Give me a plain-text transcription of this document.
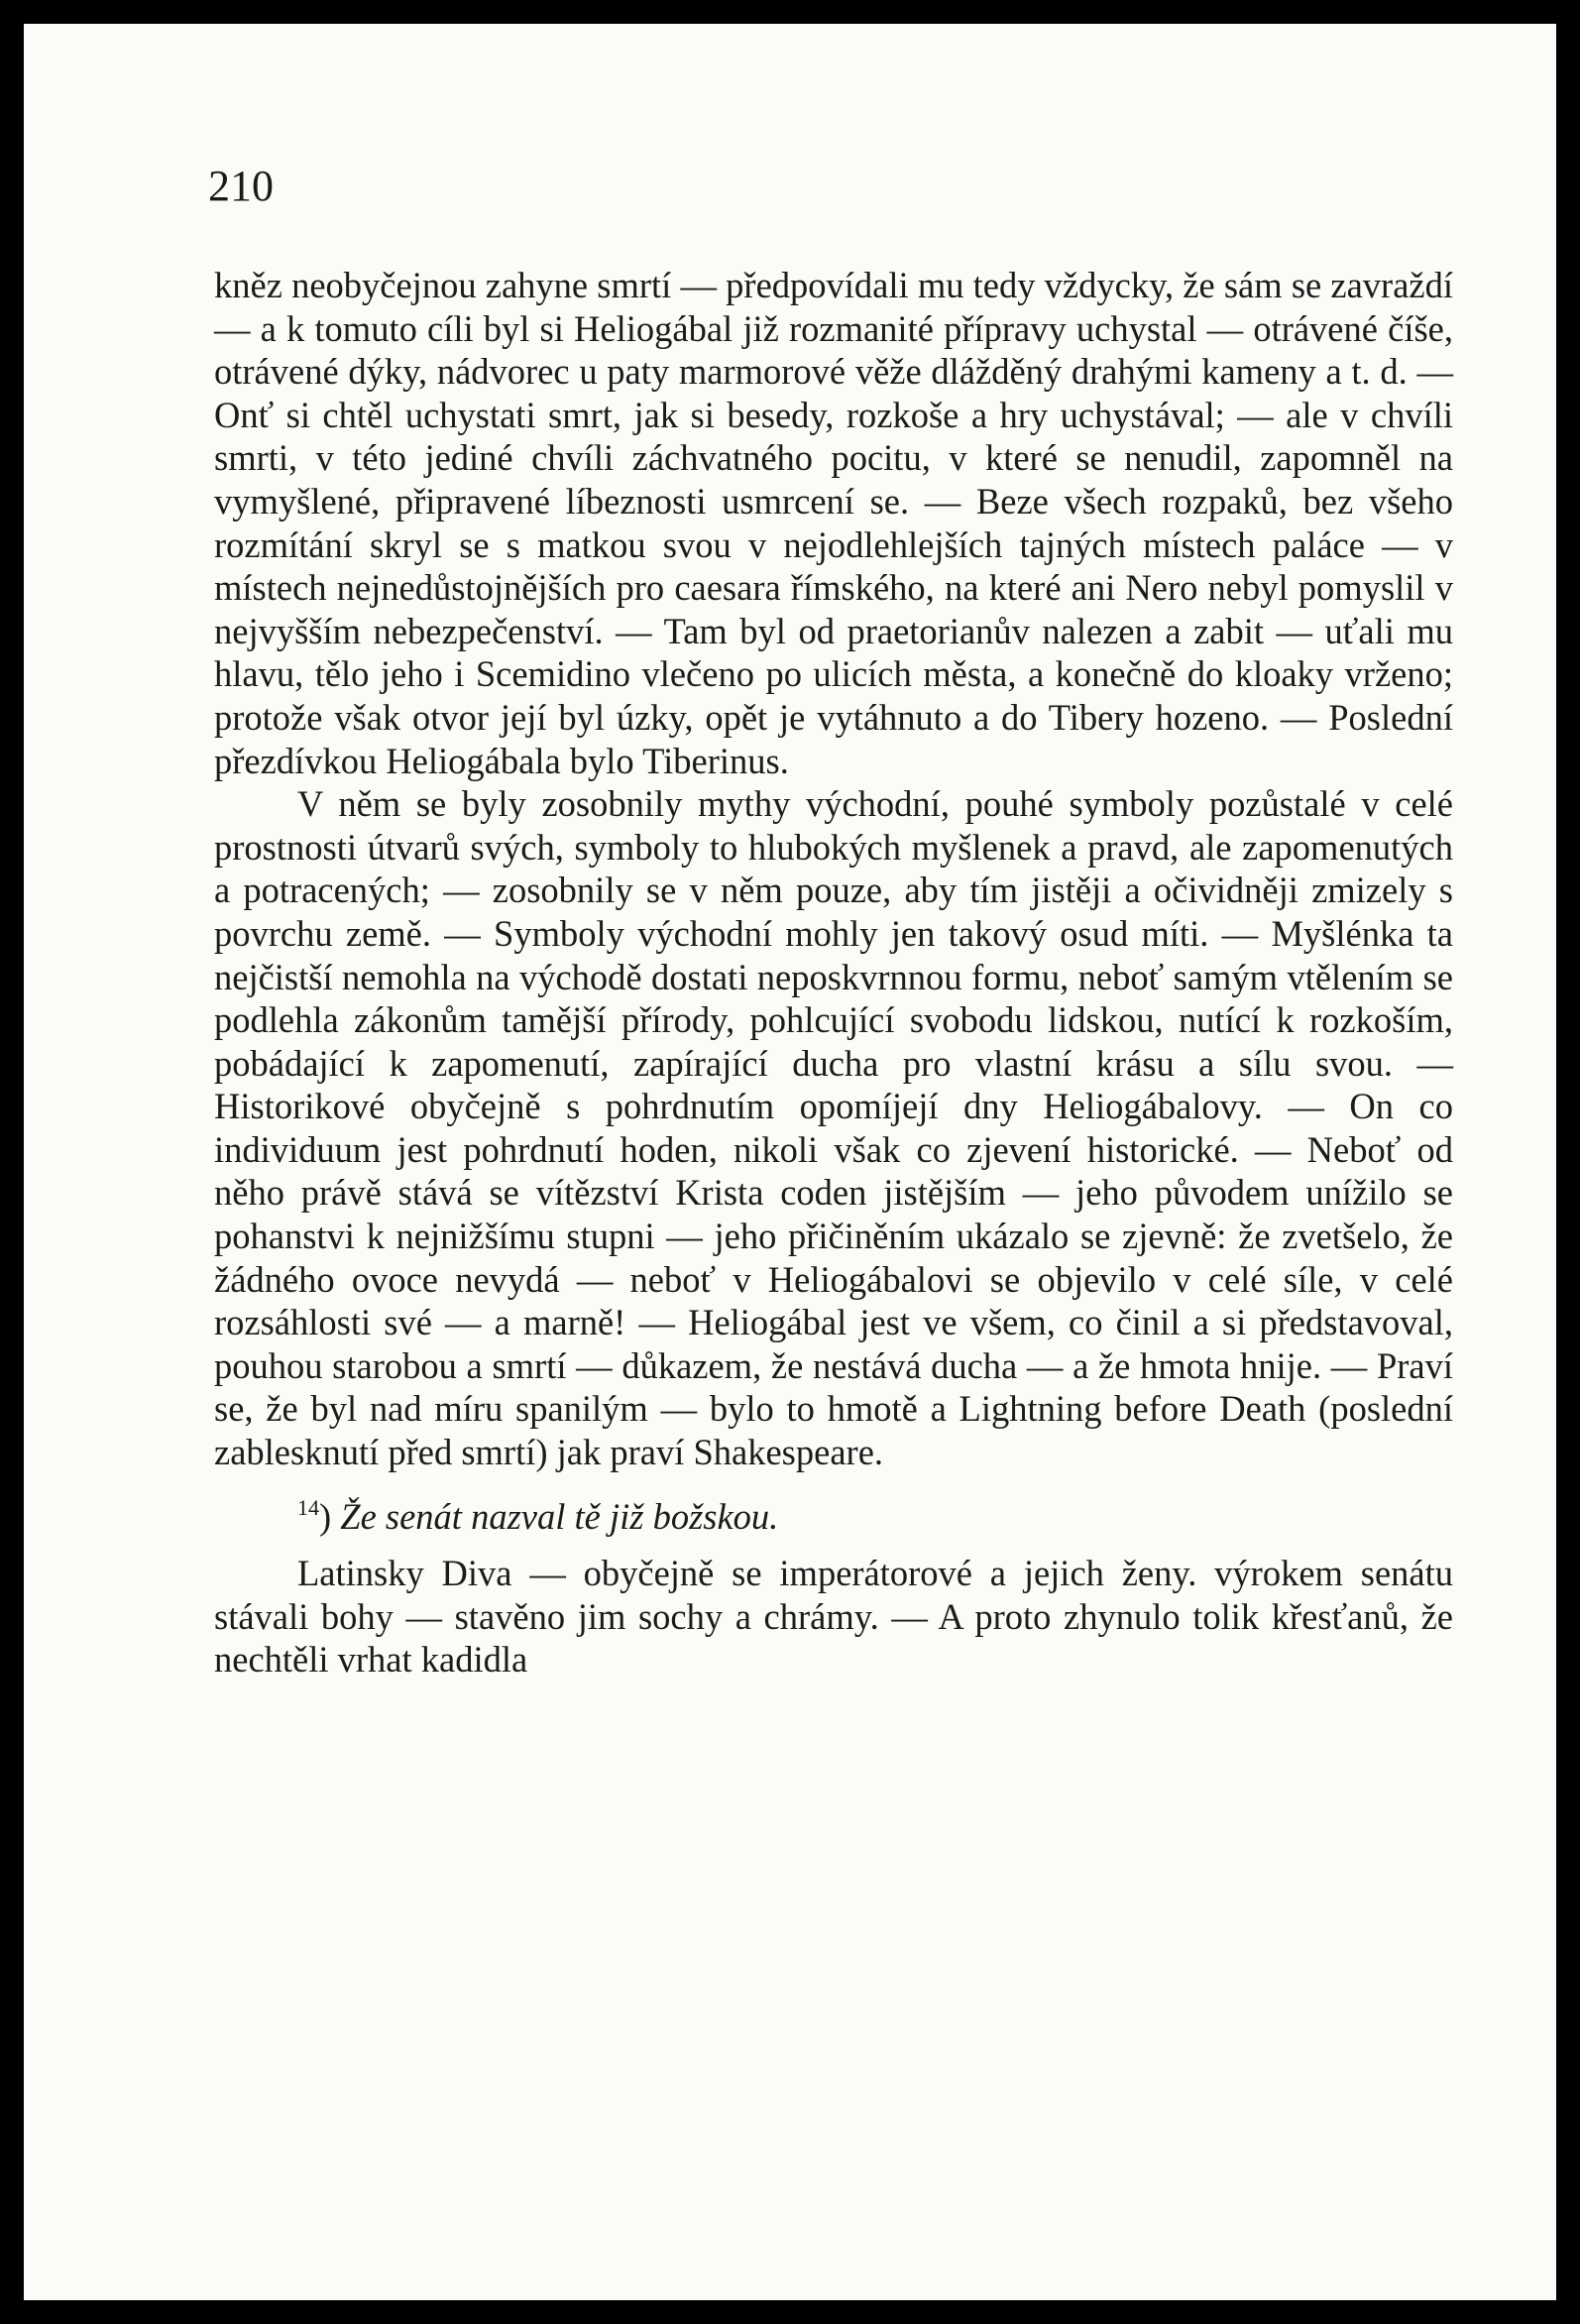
210

kněz neobyčejnou zahyne smrtí — předpovídali mu tedy vždycky, že sám se zavraždí — a k tomuto cíli byl si Heliogábal již rozmanité přípravy uchystal — otrávené číše, otrávené dýky, nádvorec u paty marmorové věže dlážděný drahými kameny a t. d. — Onť si chtěl uchystati smrt, jak si besedy, rozkoše a hry uchystával; — ale v chvíli smrti, v této jediné chvíli záchvatného pocitu, v které se nenudil, zapomněl na vymyšlené, připravené líbeznosti usmrcení se. — Beze všech rozpaků, bez všeho rozmítání skryl se s matkou svou v nejodlehlejších tajných místech paláce — v místech nejnedůstojnějších pro caesara římského, na které ani Nero nebyl pomyslil v nejvyšším nebezpečenství. — Tam byl od praetorianův nalezen a zabit — uťali mu hlavu, tělo jeho i Scemidino vlečeno po ulicích města, a konečně do kloaky vrženo; protože však otvor její byl úzky, opět je vytáhnuto a do Tibery hozeno. — Poslední přezdívkou Heliogábala bylo Tiberinus.

V něm se byly zosobnily mythy východní, pouhé symboly pozůstalé v celé prostnosti útvarů svých, symboly to hlubokých myšlenek a pravd, ale zapomenutých a potracených; — zosobnily se v něm pouze, aby tím jistěji a očividněji zmizely s povrchu země. — Symboly východní mohly jen takový osud míti. — Myšlénka ta nejčistší nemohla na východě dostati neposkvrnnou formu, neboť samým vtělením se podlehla zákonům tamější přírody, pohlcující svobodu lidskou, nutící k rozkoším, pobádající k zapomenutí, zapírající ducha pro vlastní krásu a sílu svou. — Historikové obyčejně s pohrdnutím opomíjejí dny Heliogábalovy. — On co individuum jest pohrdnutí hoden, nikoli však co zjevení historické. — Neboť od něho právě stává se vítězství Krista coden jistějším — jeho původem unížilo se pohanstvi k nejnižšímu stupni — jeho přičiněním ukázalo se zjevně: že zvetšelo, že žádného ovoce nevydá — neboť v Heliogábalovi se objevilo v celé síle, v celé rozsáhlosti své — a marně! — Heliogábal jest ve všem, co činil a si představoval, pouhou starobou a smrtí — důkazem, že nestává ducha — a že hmota hnije. — Praví se, že byl nad míru spanilým — bylo to hmotě a Lightning before Death (poslední zablesknutí před smrtí) jak praví Shakespeare.

$^{14}$) Že senát nazval tě již božskou.

Latinsky Diva — obyčejně se imperátorové a jejich ženy. výrokem senátu stávali bohy — stavěno jim sochy a chrámy. — A proto zhynulo tolik křesťanů, že nechtěli vrhat kadidla
